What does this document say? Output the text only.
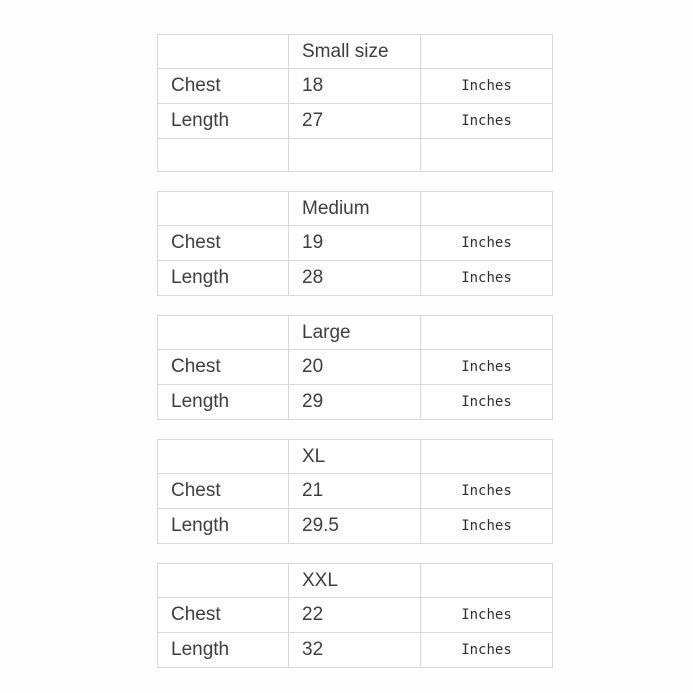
	Small size	
Chest	18	Inches
Length	27	Inches

	Medium	
Chest	19	Inches
Length	28	Inches
	Large	
Chest	20	Inches
Length	29	Inches
	XL	
Chest	21	Inches
Length	29.5	Inches
	XXL	
Chest	22	Inches
Length	32	Inches
